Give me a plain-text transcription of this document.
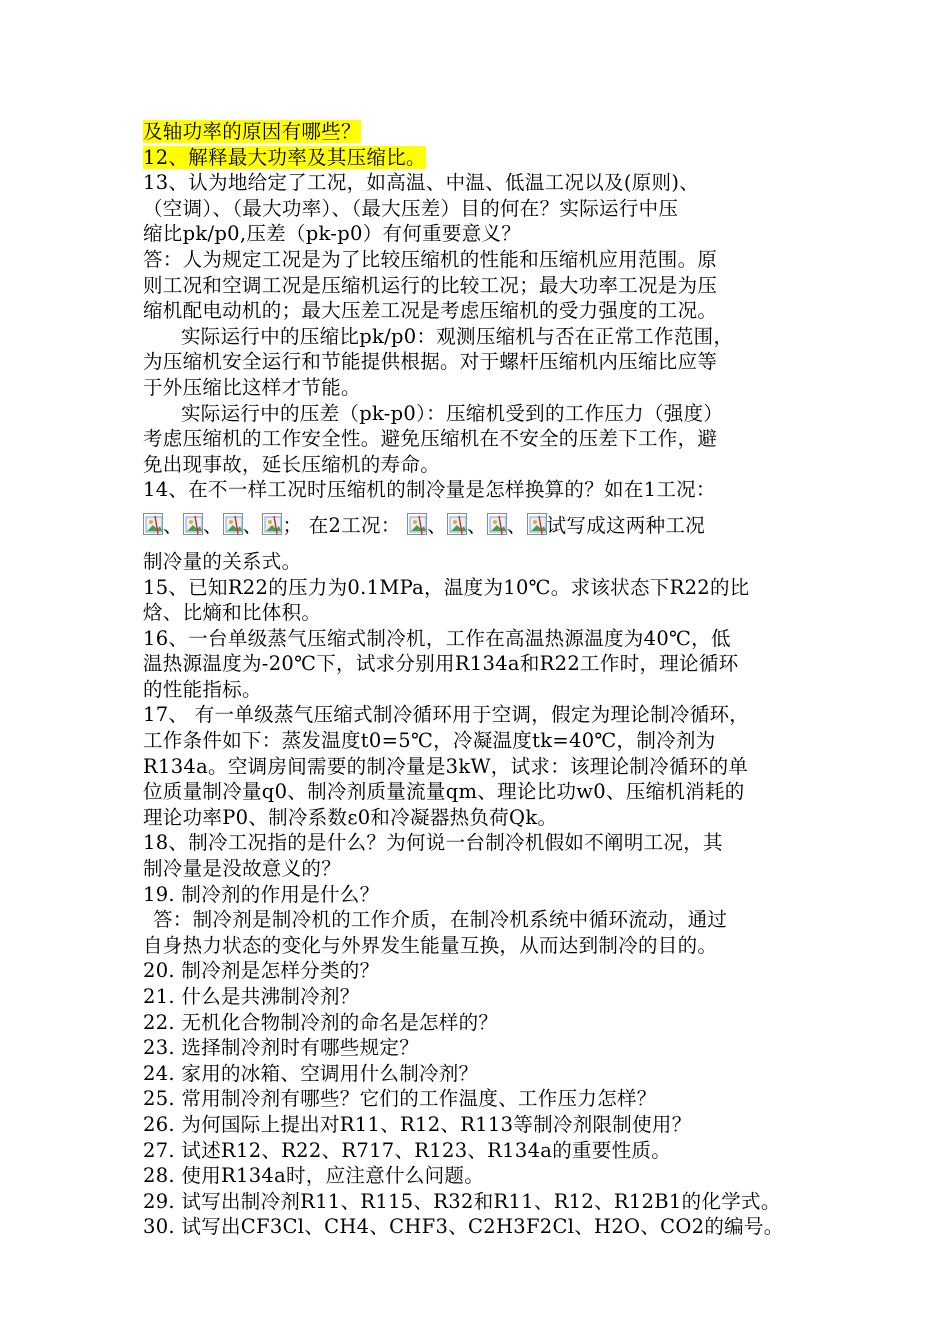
及轴功率的原因有哪些？
12、解释最大功率及其压缩比。
13、认为地给定了工况，如高温、中温、低温工况以及(原则)、
（空调）、（最大功率）、（最大压差）目的何在？实际运行中压
缩比pk/p0,压差（pk-p0）有何重要意义？
答：人为规定工况是为了比较压缩机的性能和压缩机应用范围。原
则工况和空调工况是压缩机运行的比较工况；最大功率工况是为压
缩机配电动机的；最大压差工况是考虑压缩机的受力强度的工况。
实际运行中的压缩比pk/p0：观测压缩机与否在正常工作范围，
为压缩机安全运行和节能提供根据。对于螺杆压缩机内压缩比应等
于外压缩比这样才节能。
实际运行中的压差（pk-p0）：压缩机受到的工作压力（强度）
考虑压缩机的工作安全性。避免压缩机在不安全的压差下工作，避
免出现事故，延长压缩机的寿命。
14、在不一样工况时压缩机的制冷量是怎样换算的？如在1工况：
、 、 、 ； 在2工况： 、 、 、 试写成这两种工况
制冷量的关系式。
15、已知R22的压力为0.1MPa，温度为10℃。求该状态下R22的比
焓、比熵和比体积。
16、一台单级蒸气压缩式制冷机，工作在高温热源温度为40℃，低
温热源温度为-20℃下，试求分别用R134a和R22工作时，理论循环
的性能指标。
17、 有一单级蒸气压缩式制冷循环用于空调，假定为理论制冷循环，
工作条件如下：蒸发温度t0=5℃，冷凝温度tk=40℃，制冷剂为
R134a。空调房间需要的制冷量是3kW，试求：该理论制冷循环的单
位质量制冷量q0、制冷剂质量流量qm、理论比功w0、压缩机消耗的
理论功率P0、制冷系数ε0和冷凝器热负荷Qk。
18、制冷工况指的是什么？为何说一台制冷机假如不阐明工况，其
制冷量是没故意义的？
19. 制冷剂的作用是什么？
答：制冷剂是制冷机的工作介质，在制冷机系统中循环流动，通过
自身热力状态的变化与外界发生能量互换，从而达到制冷的目的。
20. 制冷剂是怎样分类的？
21. 什么是共沸制冷剂？
22. 无机化合物制冷剂的命名是怎样的？
23. 选择制冷剂时有哪些规定？
24. 家用的冰箱、空调用什么制冷剂？
25. 常用制冷剂有哪些？它们的工作温度、工作压力怎样？
26. 为何国际上提出对R11、R12、R113等制冷剂限制使用？
27. 试述R12、R22、R717、R123、R134a的重要性质。
28. 使用R134a时，应注意什么问题。
29. 试写出制冷剂R11、R115、R32和R11、R12、R12B1的化学式。
30. 试写出CF3Cl、CH4、CHF3、C2H3F2Cl、H2O、CO2的编号。
